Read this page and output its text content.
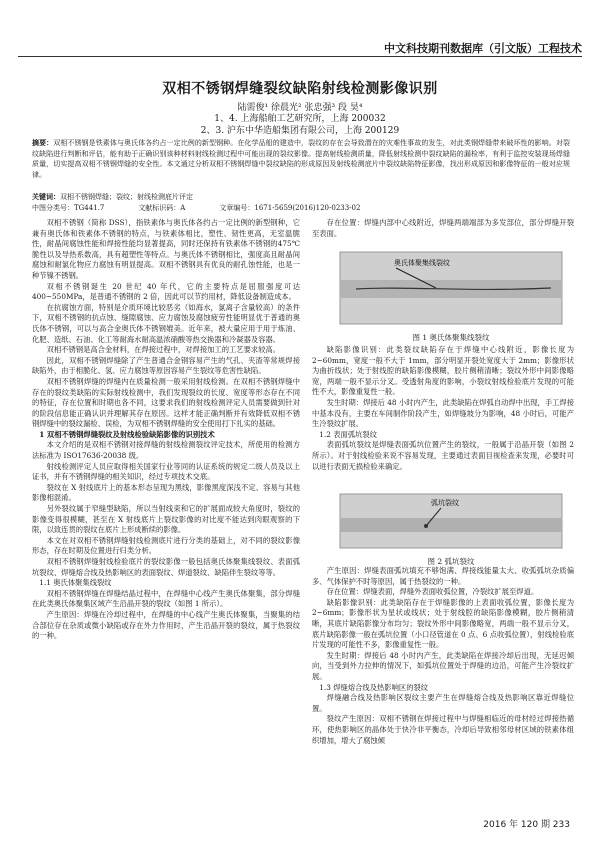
中文科技期刊数据库（引文版）工程技术
双相不锈钢焊缝裂纹缺陷射线检测影像识别
陆需俊¹ 徐晨光² 张忠强³ 段 昊⁴
1、4. 上海船舶工艺研究所，上海 200032
2、3. 沪东中华造船集团有限公司，上海 200129
摘要：双相不锈钢是铁素体与奥氏体各约占一定比例的新型钢种。在化学品船的建造中，裂纹的存在会导致潜在的灾难性事故的发生，对此类钢焊缝带来破坏性的影响。对裂纹缺陷进行判断和评估，能有助于正确识别该种材料射线检测过程中可能出现的裂纹影像。提高射线检测质量，降低射线检测中裂纹缺陷的漏检率，有利于监控安装现场焊缝质量，切实提高双相不锈钢焊缝的安全性。本文通过分析双相不锈钢焊缝中裂纹缺陷的形成原因及射线检测底片中裂纹缺陷特征影像，找出形成原因和影像特征的一般对应规律。
关键词：双相不锈钢焊缝；裂纹；射线检测底片评定
中图分类号：TG441.7	文献标识码：A	文章编号：1671-5659(2016)120-0233-02

双相不锈钢（简称 DSS），指铁素体与奥氏体各约占一定比例的新型钢种，它兼有奥氏体和铁素体不锈钢的特点，与铁素体相比，塑性、韧性更高，无室温脆性，耐晶间腐蚀性能和焊接性能均显著提高，同时还保持有铁素体不锈钢的475℃脆性以及导热系数高，具有超塑性等特点。与奥氏体不锈钢相比，强度高且耐晶间腐蚀和耐氯化物应力腐蚀有明显提高。双相不锈钢具有优良的耐孔蚀性能，也是一种节镍不锈钢。

双相不锈钢诞生 20 世纪 40 年代，它的主要特点是屈服强度可达 400~550MPa，是普通不锈钢的 2 倍，因此可以节约用材，降低设备制造成本。

在抗腐蚀方面，特别是介质环境比较恶劣（如海水，氯离子含量较高）的条件下，双相不锈钢的抗点蚀、缝隙腐蚀、应力腐蚀及腐蚀疲劳性能明显优于普通的奥氏体不锈钢，可以与高合金奥氏体不锈钢媲美。近年来，被大量应用于用于炼油、化肥、造纸、石油、化工等耐海水耐高温浓硝酸等热交换器和冷凝器及容器。

双相不锈钢是高合金材料，在焊接过程中，对焊接加工的工艺要求较高。

因此，双相不锈钢焊缝除了产生普通合金钢容易产生的气孔、夹渣等常规焊接缺陷外，由于相脆化、氢、应力腐蚀等原因容易产生裂纹等危害性缺陷。

双相不锈钢焊缝的焊缝内在质量检测一般采用射线检测。在双相不锈钢焊缝中存在的裂纹类缺陷的实际射线检测中，我们发现裂纹的长度、宽度等形态存在不同的特征，存在位置和时期也各不同，这要求我们的射线检测评定人员需要做到针对的阶段信息能正确认识并理解其存在原因。这样才能正确判断并有效降低双相不锈钢焊缝中的裂纹漏检、误检，为双相不锈钢焊缝的安全使用打下扎实的基础。

1 双相不锈钢焊缝裂纹及射线检验缺陷影像的识别技术

本文介绍的是双相不锈钢对接焊缝的射线检测裂纹评定技术，所使用的检测方法标准为 ISO17636-20038 级。

射线检测评定人员应取得相关国家行业等同的认证系统的规定二级人员及以上证书，并有不锈钢焊缝的相关知识，经过专项技术交底。

裂纹在 X 射线底片上的基本形态呈现为黑线，影像黑度深浅不定、容易与其他影像相混淆。

另外裂纹属于窄缝型缺陷，所以当射线束和它的扩展面成较大角度时，裂纹的影像变得很模糊，甚至在 X 射线底片上裂纹影像的对比度不能达到肉眼观察的下限，以致连贯的裂纹在底片上形成断续的影像。

本文在对双相不锈钢焊缝射线检测底片进行分类的基础上，对不同的裂纹影像形态，存在时期及位置进行归类分析。

双相不锈钢焊缝射线检验底片的裂纹影像一般包括奥氏体聚集线裂纹、表面弧坑裂纹、焊缝熔合线及热影响区的表面裂纹、焊道裂纹、缺陷伴生裂纹等等。

1.1 奥氏体聚集线裂纹

双相不锈钢焊缝在焊缝结晶过程中，在焊缝中心线产生奥氏体聚集，部分焊缝在此类奥氏体聚集区域产生沿晶开裂的裂纹（如图 1 所示）。

产生原因：焊缝在冷却过程中，在焊缝的中心线产生奥氏体聚集，当聚集的结合部位存在杂质或微小缺陷或存在外力作用时，产生沿晶开裂的裂纹，属于热裂纹的一种。

存在位置：焊缝内部中心线附近，焊缝两端端部为多发部位，部分焊缝开裂至表面。

奥氏体聚集线裂纹
图 1 奥氏体聚集线裂纹

缺陷影像识别：此类裂纹缺陷存在于焊缝中心线附近，影像长度为 2~60mm，宽度一般不大于 1mm，部分明显开裂处宽度大于 2mm；影像形状为曲折线状；处于射线腔的缺陷影像模糊，胶片侧稍清晰；裂纹外形中间影像略宽，两端一般不显示分叉。受透射角度的影响，小裂纹射线检验底片发现的可能性不大，影像重复性一般。

发生时期：焊接后 48 小时内产生，此类缺陷在焊弧自动焊中出现，手工焊接中基本没有，主要在车间制作阶段产生，如焊缝坡分为影响，48 小时后，可能产生冷裂纹扩展。

1.2 表面弧坑裂纹

表面弧坑裂纹是焊缝表面弧坑位置产生的裂纹，一般属于沿晶开裂（如图 2 所示）。对于射线检验来说不容易发现，主要通过表面目视检查来发现，必要时可以进行表面无损检验来确定。

弧坑裂纹
图 2 弧坑裂纹

产生原因：焊缝表面弧坑填充不够饱满、焊接线能量太大、收弧弧坑杂质偏多、气体保护不时等原因，属于热裂纹的一种。

存在位置：焊缝表面，焊缝外表面收弧位置，冷裂纹扩展至焊道。

缺陷影像识别：此类缺陷存在于焊缝影像的上表面收弧位置，影像长度为 2~6mm；影像形状为星状或线状；处于射线腔的缺陷影像模糊，胶片侧稍清晰，其底片缺陷影像分布均匀；裂纹外形中间影像略宽，两端一般不显示分叉，底片缺陷影像一般在弧坑位置（小口径管道在 0 点、6 点收弧位置），射线检验底片发现的可能性不多，影像重复性一般。

发生时期：焊接后 48 小时内产生，此类缺陷在焊接冷却后出现，无延迟倾向，当受到外力拉伸的情况下，如弧坑位置处于焊缝的边沿，可能产生冷裂纹扩展。

1.3 焊缝熔合线及热影响区的裂纹

焊缝融合线及热影响区裂纹主要产生在焊缝熔合线及热影响区靠近焊缝位置。

裂纹产生原因：双相不锈钢在焊接过程中与焊缝相临近的母材经过焊接热循环，使热影响区的晶体处于快冷非平衡态，冷却后导致相邻母材区域的铁素体组织增加，增大了腐蚀倾

2016 年 120 期 233
